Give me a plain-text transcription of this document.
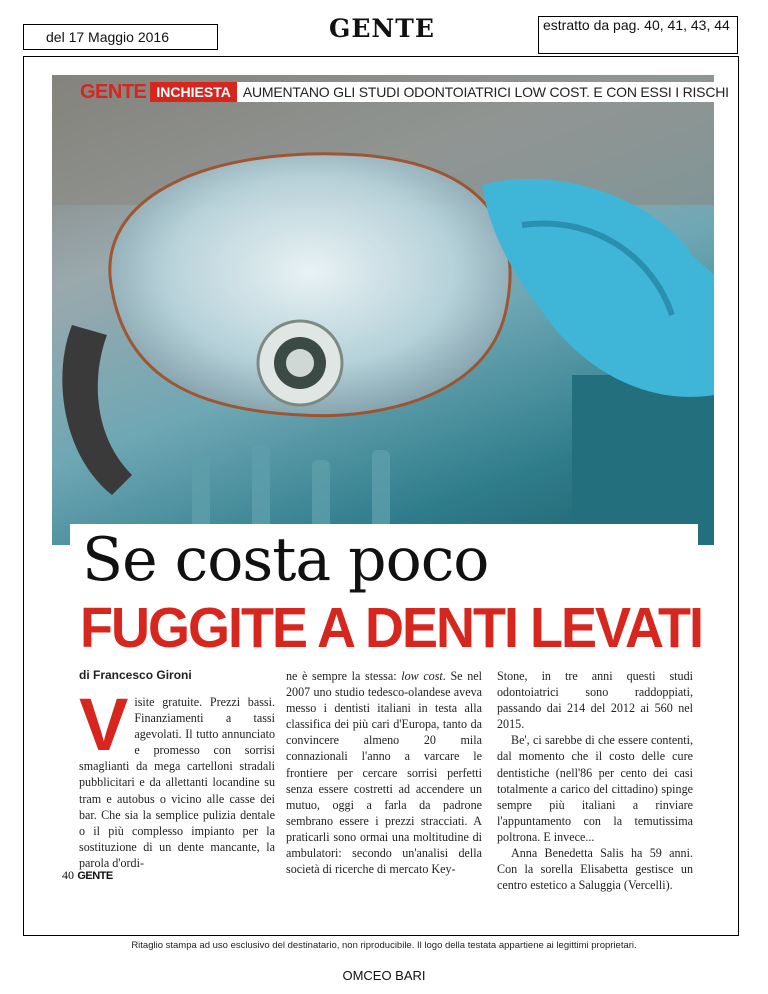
del 17 Maggio 2016	GENTE	estratto da pag. 40, 41, 43, 44
GENTE INCHIESTA AUMENTANO GLI STUDI ODONTOIATRICI LOW COST. E CON ESSI I RISCHI
Se costa poco
FUGGITE A DENTI LEVATI
di Francesco Gironi
Visite gratuite. Prezzi bassi. Finanziamenti a tassi agevolati. Il tutto annunciato e promesso con sorrisi smaglianti da mega cartelloni stradali pubblicitari e da allettanti locandine su tram e autobus o vicino alle casse dei bar. Che sia la semplice pulizia dentale o il più complesso impianto per la sostituzione di un dente mancante, la parola d'ordi-
ne è sempre la stessa: low cost. Se nel 2007 uno studio tedesco-olandese aveva messo i dentisti italiani in testa alla classifica dei più cari d'Europa, tanto da convincere almeno 20 mila connazionali l'anno a varcare le frontiere per cercare sorrisi perfetti senza essere costretti ad accendere un mutuo, oggi a farla da padrone sembrano essere i prezzi stracciati. A praticarli sono ormai una moltitudine di ambulatori: secondo un'analisi della società di ricerche di mercato Key-
Stone, in tre anni questi studi odontoiatrici sono raddoppiati, passando dai 214 del 2012 ai 560 nel 2015.
Be', ci sarebbe di che essere contenti, dal momento che il costo delle cure dentistiche (nell'86 per cento dei casi totalmente a carico del cittadino) spinge sempre più italiani a rinviare l'appuntamento con la temutissima poltrona. E invece...
Anna Benedetta Salis ha 59 anni. Con la sorella Elisabetta gestisce un centro estetico a Saluggia (Vercelli).
40 GENTE
Ritaglio stampa ad uso esclusivo del destinatario, non riproducibile. Il logo della testata appartiene ai legittimi proprietari.
OMCEO BARI
